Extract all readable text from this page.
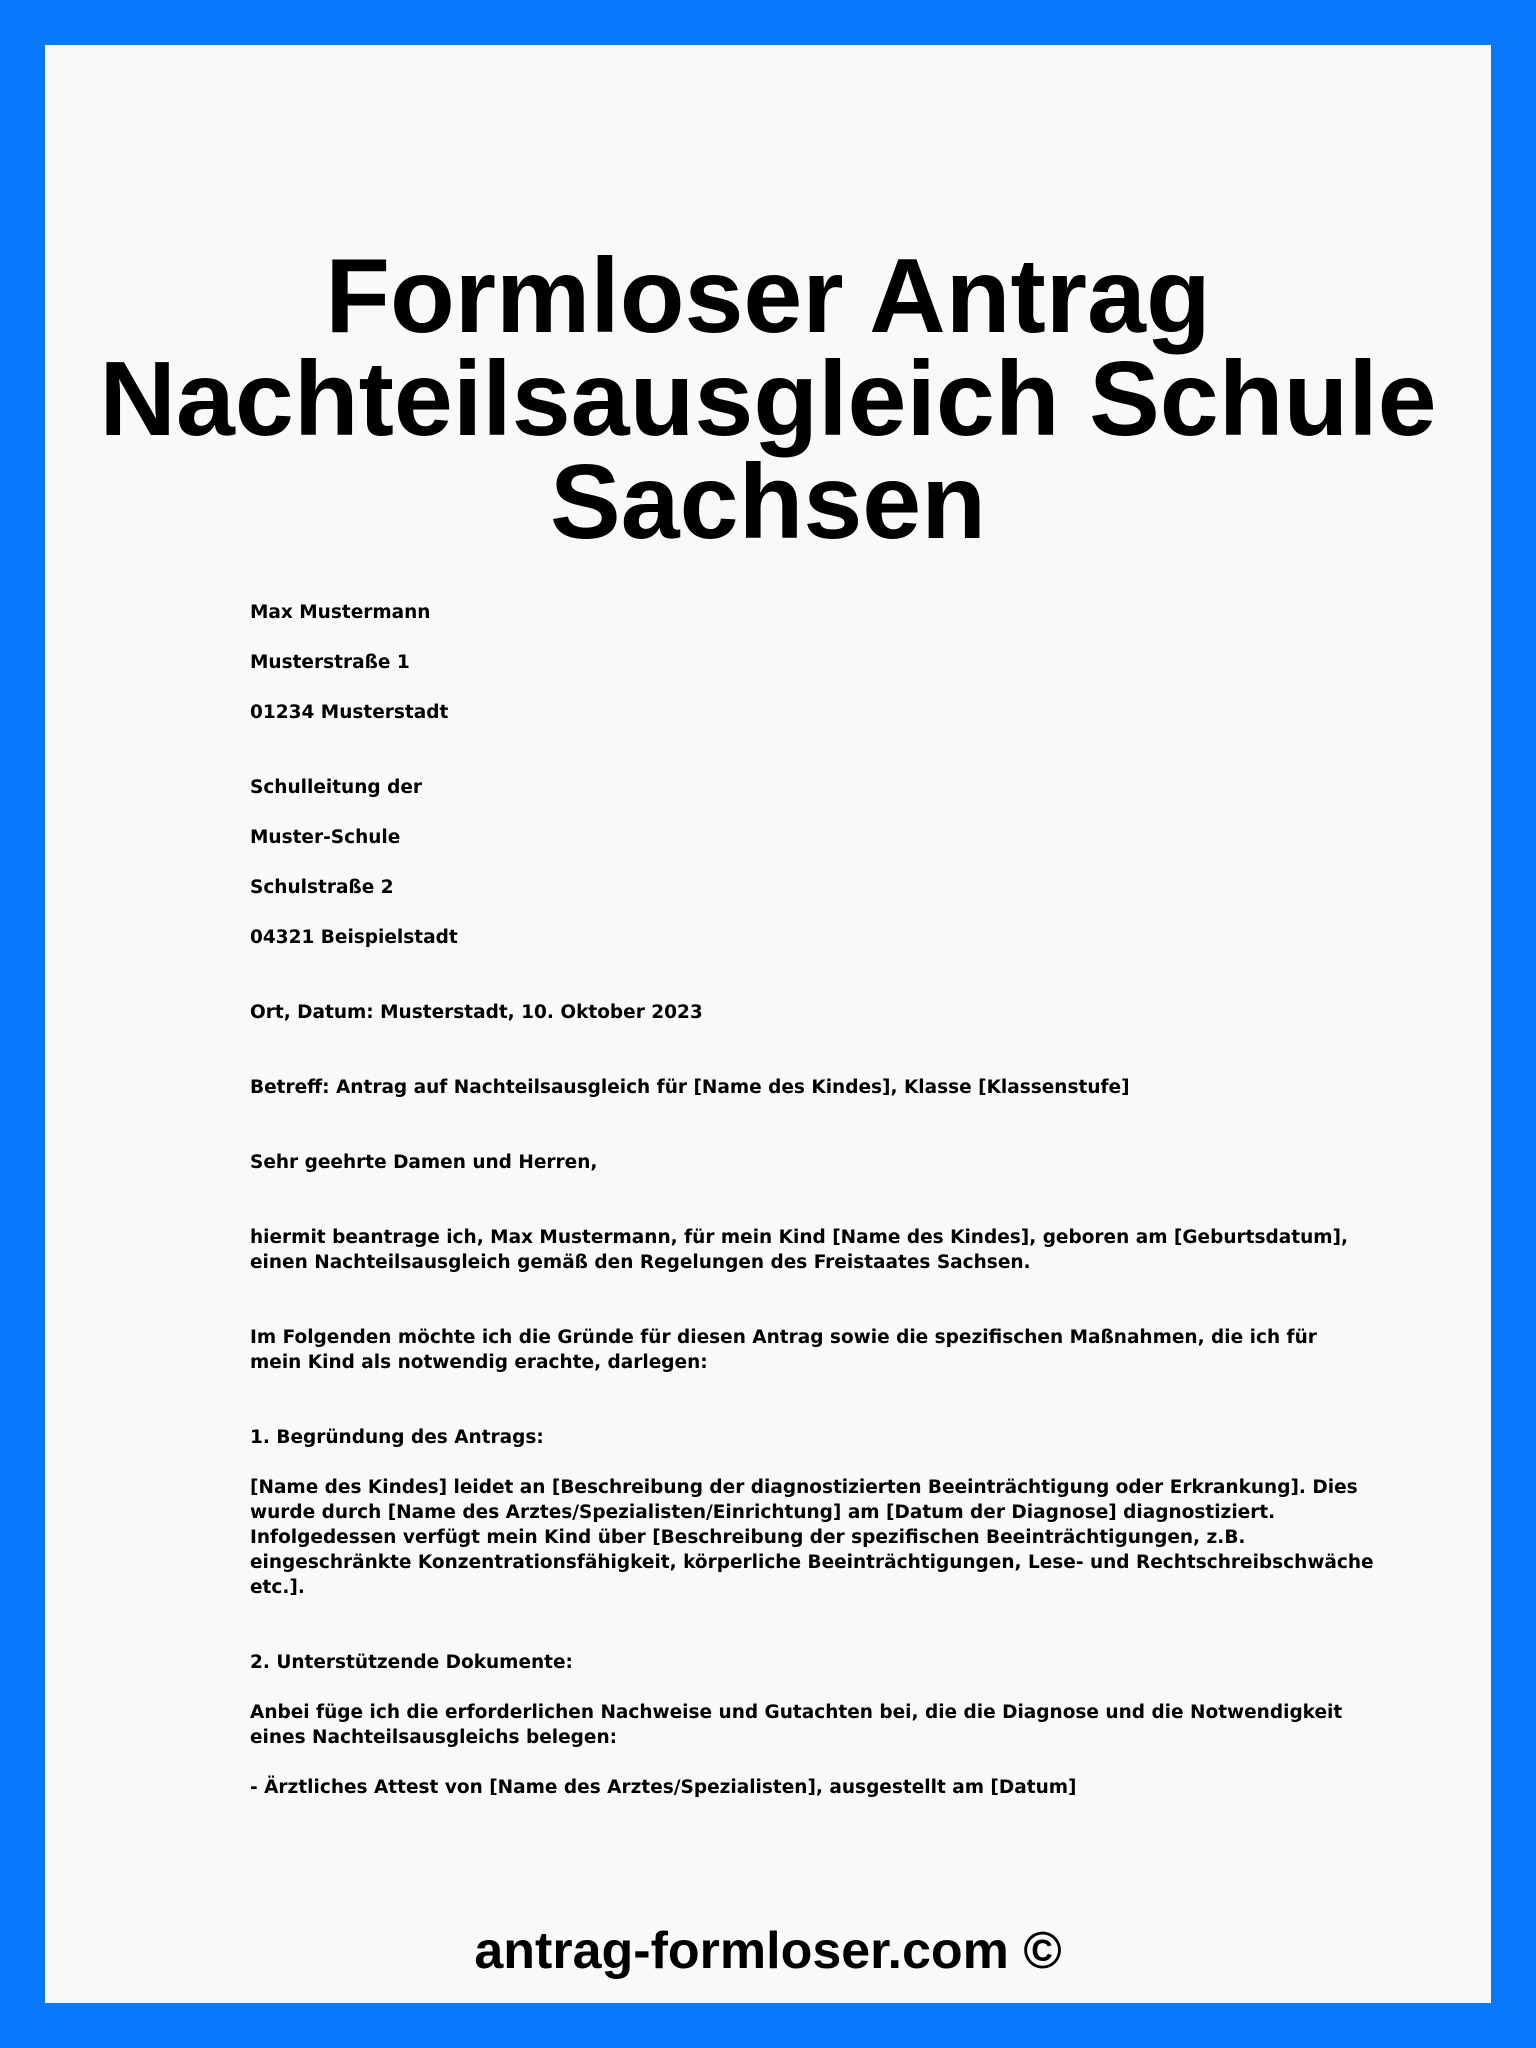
Formloser Antrag
Nachteilsausgleich Schule
Sachsen

Max Mustermann

Musterstraße 1

01234 Musterstadt

Schulleitung der

Muster-Schule

Schulstraße 2

04321 Beispielstadt

Ort, Datum: Musterstadt, 10. Oktober 2023

Betreff: Antrag auf Nachteilsausgleich für [Name des Kindes], Klasse [Klassenstufe]

Sehr geehrte Damen und Herren,

hiermit beantrage ich, Max Mustermann, für mein Kind [Name des Kindes], geboren am [Geburtsdatum],

einen Nachteilsausgleich gemäß den Regelungen des Freistaates Sachsen.

Im Folgenden möchte ich die Gründe für diesen Antrag sowie die spezifischen Maßnahmen, die ich für

mein Kind als notwendig erachte, darlegen:

1. Begründung des Antrags:

[Name des Kindes] leidet an [Beschreibung der diagnostizierten Beeinträchtigung oder Erkrankung]. Dies

wurde durch [Name des Arztes/Spezialisten/Einrichtung] am [Datum der Diagnose] diagnostiziert.

Infolgedessen verfügt mein Kind über [Beschreibung der spezifischen Beeinträchtigungen, z.B.

eingeschränkte Konzentrationsfähigkeit, körperliche Beeinträchtigungen, Lese- und Rechtschreibschwäche

etc.].

2. Unterstützende Dokumente:

Anbei füge ich die erforderlichen Nachweise und Gutachten bei, die die Diagnose und die Notwendigkeit

eines Nachteilsausgleichs belegen:

- Ärztliches Attest von [Name des Arztes/Spezialisten], ausgestellt am [Datum]

antrag-formloser.com ©
